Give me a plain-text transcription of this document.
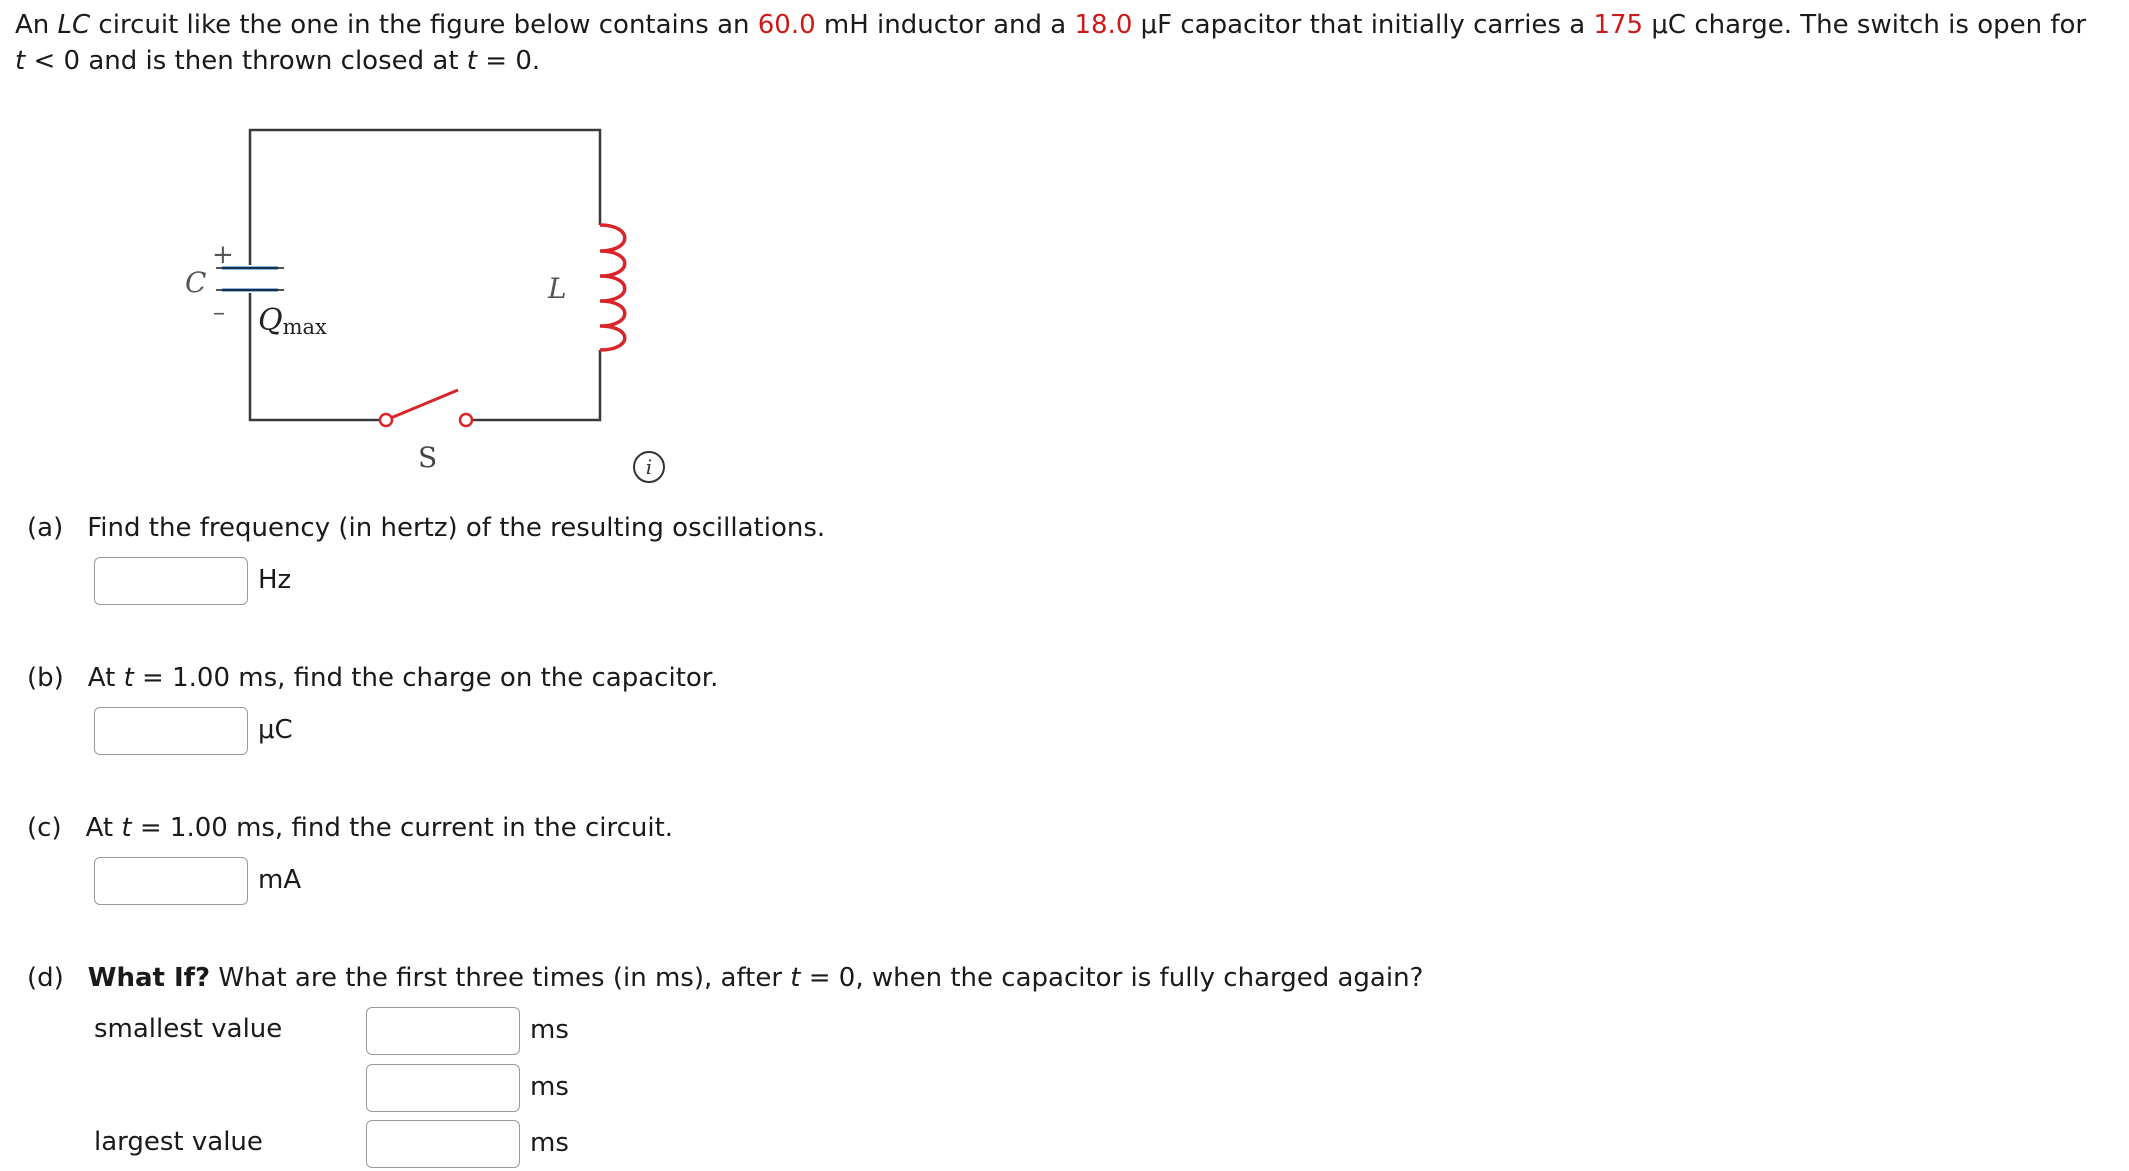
An LC circuit like the one in the figure below contains an 60.0 mH inductor and a 18.0 μF capacitor that initially carries a 175 μC charge. The switch is open for
t < 0 and is then thrown closed at t = 0.
C
+
– Qmax
L
S	i
(a) Find the frequency (in hertz) of the resulting oscillations.
Hz
(b) At t = 1.00 ms, find the charge on the capacitor.
μC
(c) At t = 1.00 ms, find the current in the circuit.
mA
(d) What If? What are the first three times (in ms), after t = 0, when the capacitor is fully charged again?
smallest value	ms
ms
largest value	ms
